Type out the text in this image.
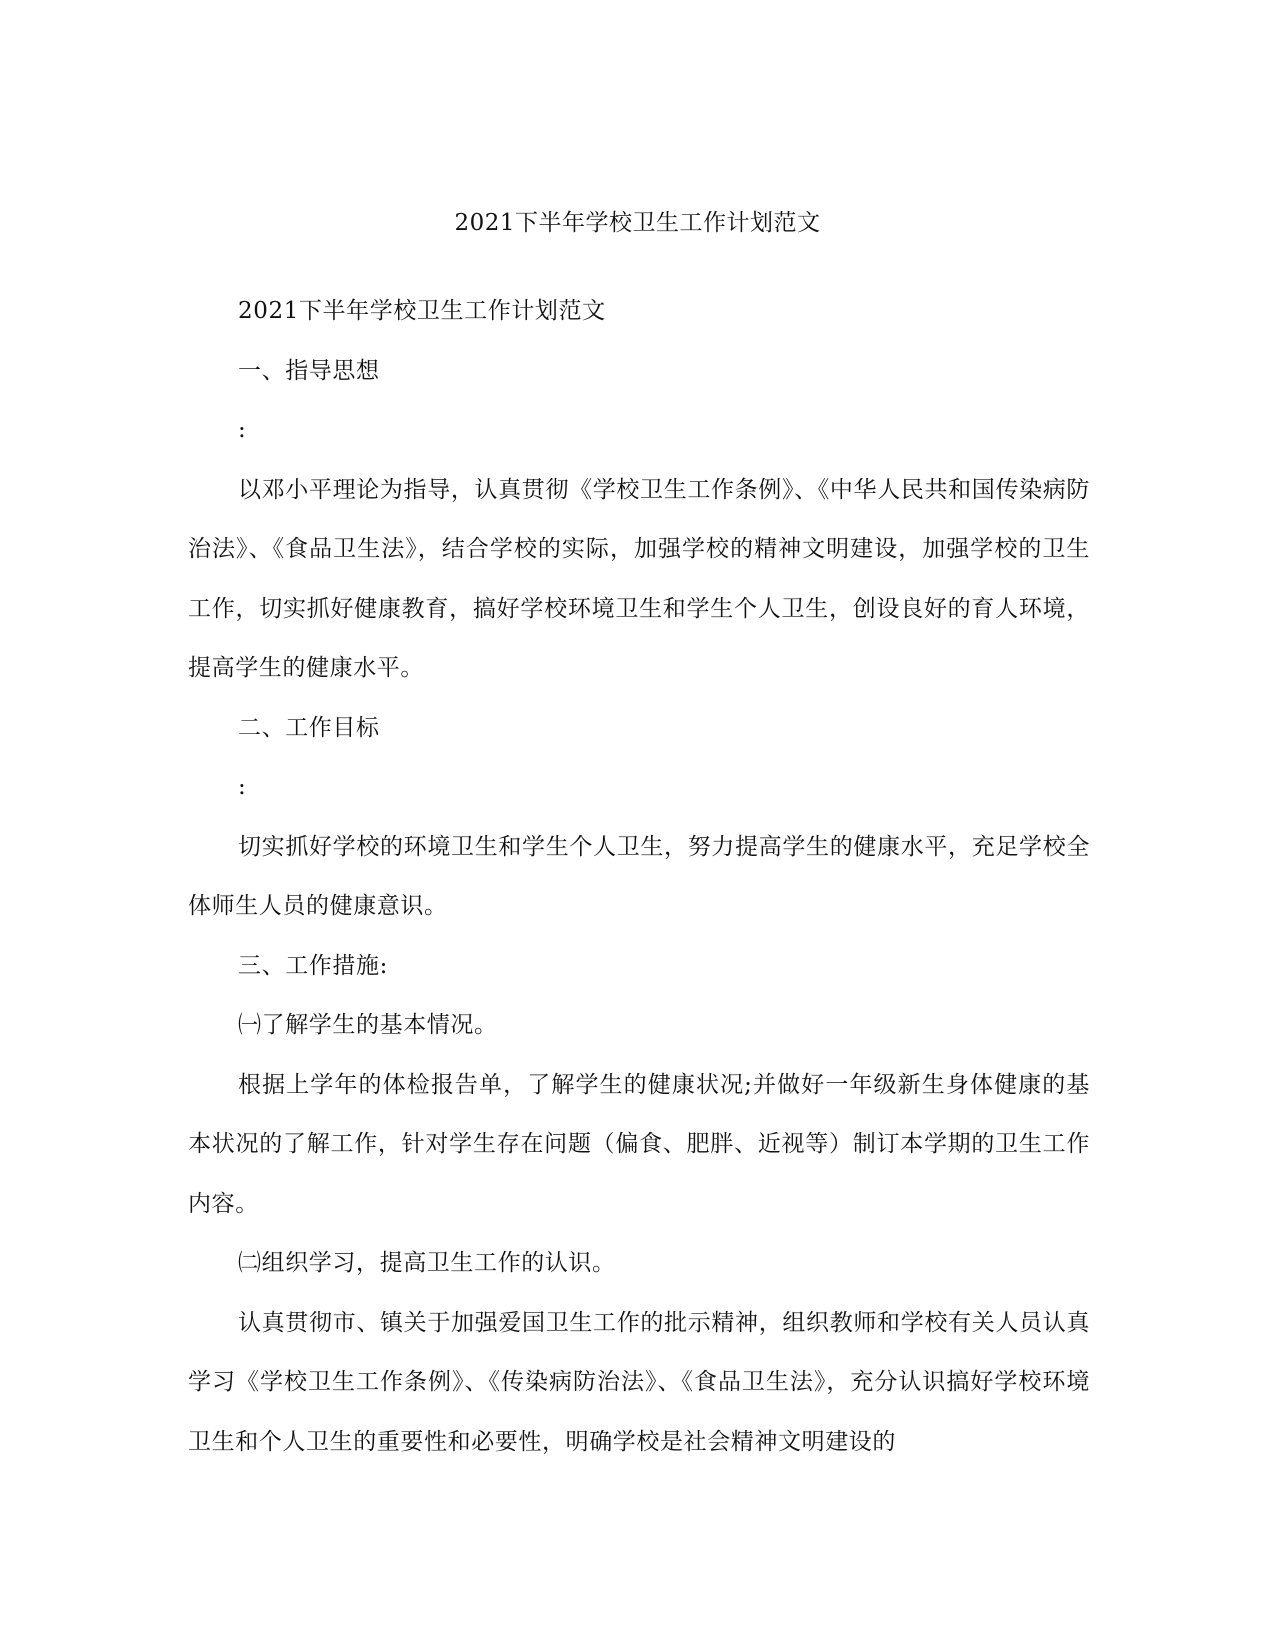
2021下半年学校卫生工作计划范文

2021下半年学校卫生工作计划范文

一、指导思想

:

以邓小平理论为指导，认真贯彻《学校卫生工作条例》、《中华人民共和国传染病防治法》、《食品卫生法》，结合学校的实际，加强学校的精神文明建设，加强学校的卫生工作，切实抓好健康教育，搞好学校环境卫生和学生个人卫生，创设良好的育人环境，提高学生的健康水平。

二、工作目标

:

切实抓好学校的环境卫生和学生个人卫生，努力提高学生的健康水平，充足学校全体师生人员的健康意识。

三、工作措施:

㈠了解学生的基本情况。

根据上学年的体检报告单，了解学生的健康状况;并做好一年级新生身体健康的基本状况的了解工作，针对学生存在问题（偏食、肥胖、近视等）制订本学期的卫生工作内容。

㈡组织学习，提高卫生工作的认识。

认真贯彻市、镇关于加强爱国卫生工作的批示精神，组织教师和学校有关人员认真学习《学校卫生工作条例》、《传染病防治法》、《食品卫生法》，充分认识搞好学校环境卫生和个人卫生的重要性和必要性，明确学校是社会精神文明建设的
